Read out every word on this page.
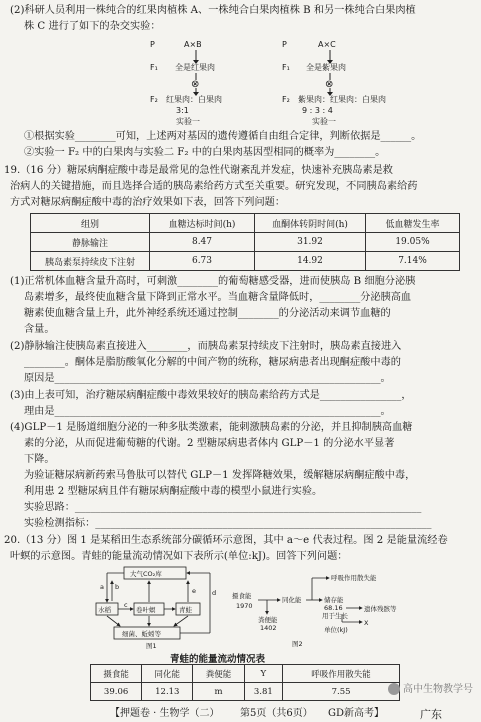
(2)科研人员利用一株纯合的红果肉植株 A、一株纯合白果肉植株 B 和另一株纯合白果肉植
株 C 进行了如下的杂交实验：
P	A×B
F₁ 全是红果肉
⊗
F₂ 红果肉：白果肉
3:1
实验一
P	A×C
F₁ 全是紫果肉
⊗
F₂ 紫果肉：红果肉：白果肉
9 : 3 : 4
实验一
①根据实验________可知，上述两对基因的遗传遵循自由组合定律，判断依据是______。
②实验一 F₂ 中的白果肉与实验二 F₂ 中的白果肉基因型相同的概率为________。
19.（16 分）糖尿病酮症酸中毒是最常见的急性代谢紊乱并发症，快速补充胰岛素是救
治病人的关键措施，而且选择合适的胰岛素给药方式至关重要。研究发现，不同胰岛素给药
方式对糖尿病酮症酸中毒的治疗效果如下表，回答下列问题：
组别	血糖达标时间(h)	血酮体转阴时间(h)	低血糖发生率
静脉输注	8.47	31.92	19.05%
胰岛素泵持续皮下注射	6.73	14.92	7.14%
(1)正常机体血糖含量升高时，可刺激________的葡萄糖感受器，进而使胰岛 B 细胞分泌胰
岛素增多，最终使血糖含量下降到正常水平。当血糖含量降低时，________分泌胰高血
糖素使血糖含量上升，此外神经系统还通过控制________的分泌活动来调节血糖的
含量。
(2)静脉输注使胰岛素直接进入________，而胰岛素泵持续皮下注射时，胰岛素直接进入
________。酮体是脂肪酸氧化分解的中间产物的统称，糖尿病患者出现酮症酸中毒的
原因是________________________________________________________________。
(3)由上表可知，治疗糖尿病酮症酸中毒效果较好的胰岛素给药方式是________________，
理由是________________________________________________________________。
(4)GLP－1 是肠道细胞分泌的一种多肽类激素，能刺激胰岛素的分泌，并且抑制胰高血糖
素的分泌，从而促进葡萄糖的代谢。2 型糖尿病患者体内 GLP－1 的分泌水平显著
下降。
为验证糖尿病新药索马鲁肽可以替代 GLP－1 发挥降糖效果，缓解糖尿病酮症酸中毒，
利用患 2 型糖尿病且伴有糖尿病酮症酸中毒的模型小鼠进行实验。
实验思路：____________________________________________________________________
实验检测指标：__________________________________________________________________
20.（13 分）图 1 是某稻田生态系统部分碳循环示意图，其中 a～e 代表过程。图 2 是能量流经卷
叶螟的示意图。青蛙的能量流动情况如下表所示(单位:kJ)。回答下列问题：
大气CO₂库
水稻	卷叶螟	青蛙
细菌、蚯蚓等
a b
c
d
e
图1
摄食能
1970
同化能
呼吸作用散失能
储存能
68.16
用于生长
遗体残骸等
X
粪便能
1402	单位(kJ)
图2
青蛙的能量流动情况表
摄食能	同化能	粪便能	Y	呼吸作用散失能
39.06	12.13	m	3.81	7.55	高中生物教学号
【押题卷 · 生物学（二） 第5页（共6页） GD新高考】	广东
